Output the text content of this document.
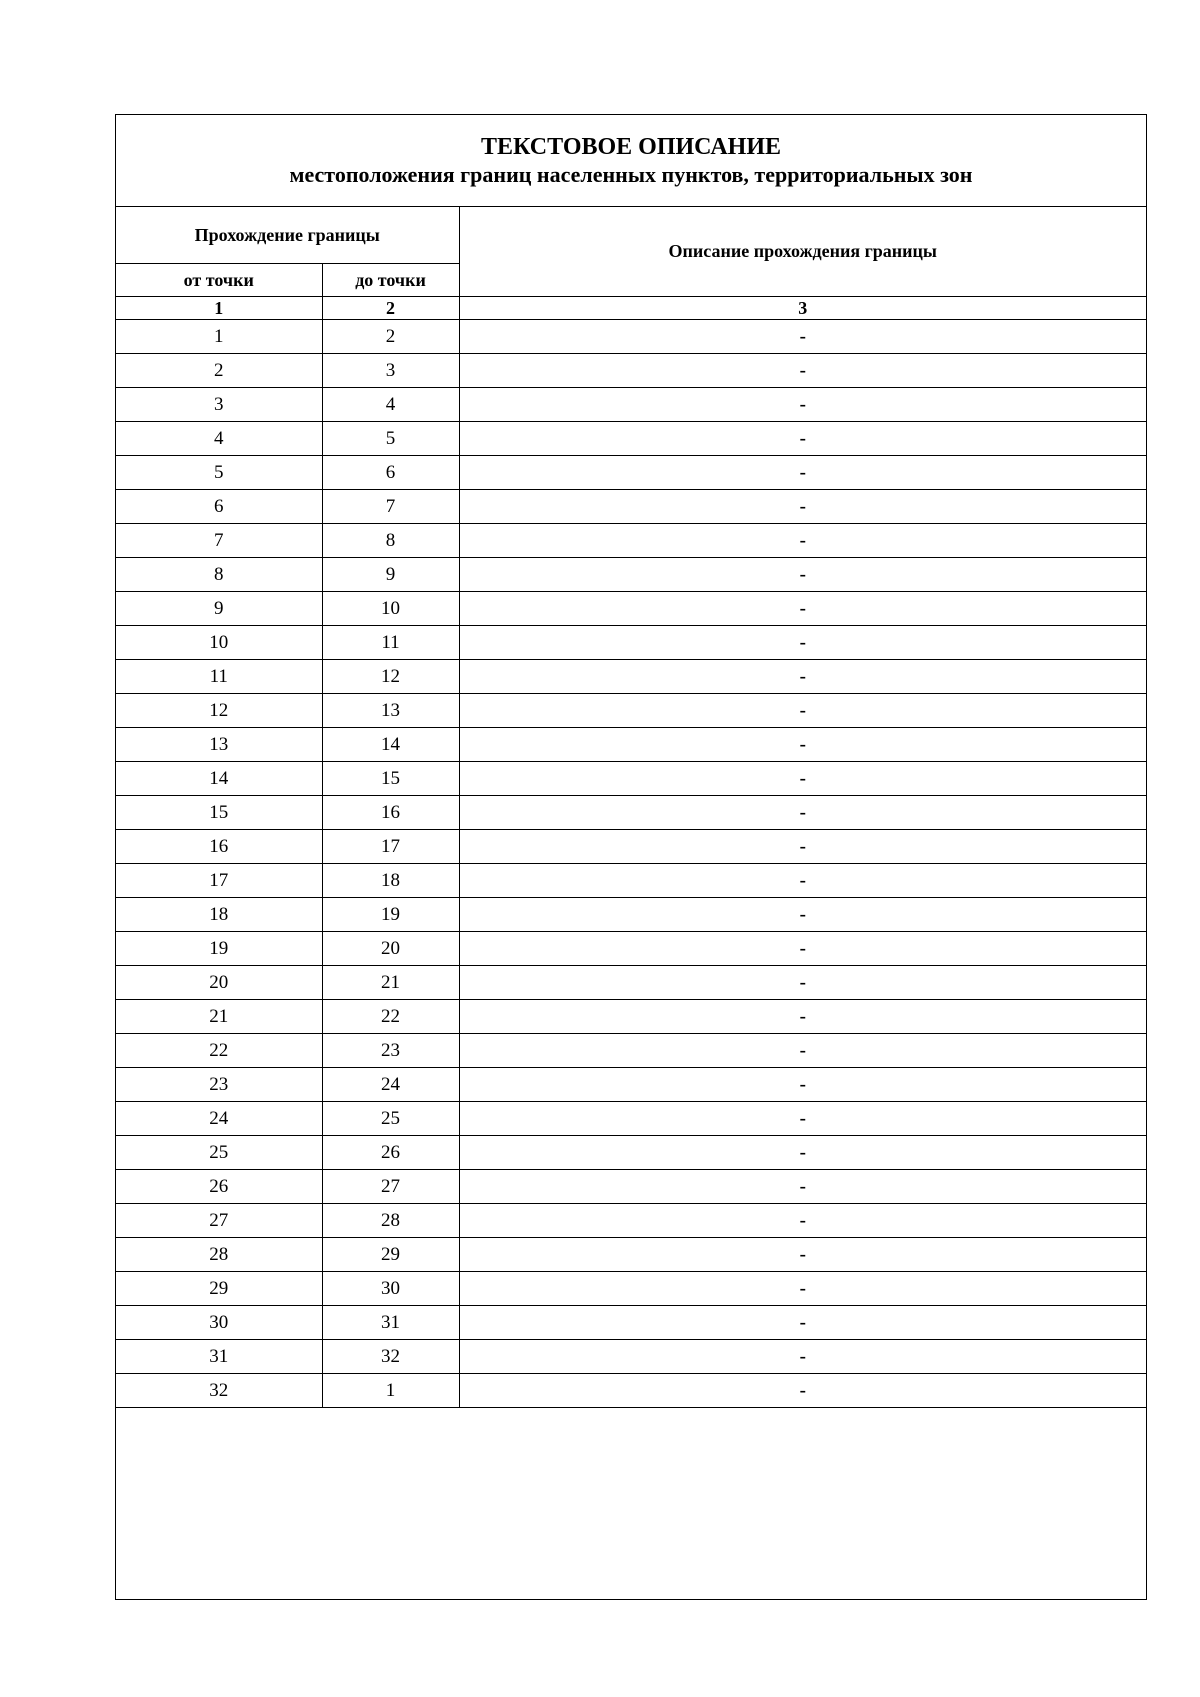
ТЕКСТОВОЕ ОПИСАНИЕ
местоположения границ населенных пунктов, территориальных зон
Прохождение границы		Описание прохождения границы
от точки	до точки	
1	2	3
1	2	-
2	3	-
3	4	-
4	5	-
5	6	-
6	7	-
7	8	-
8	9	-
9	10	-
10	11	-
11	12	-
12	13	-
13	14	-
14	15	-
15	16	-
16	17	-
17	18	-
18	19	-
19	20	-
20	21	-
21	22	-
22	23	-
23	24	-
24	25	-
25	26	-
26	27	-
27	28	-
28	29	-
29	30	-
30	31	-
31	32	-
32	1	-
